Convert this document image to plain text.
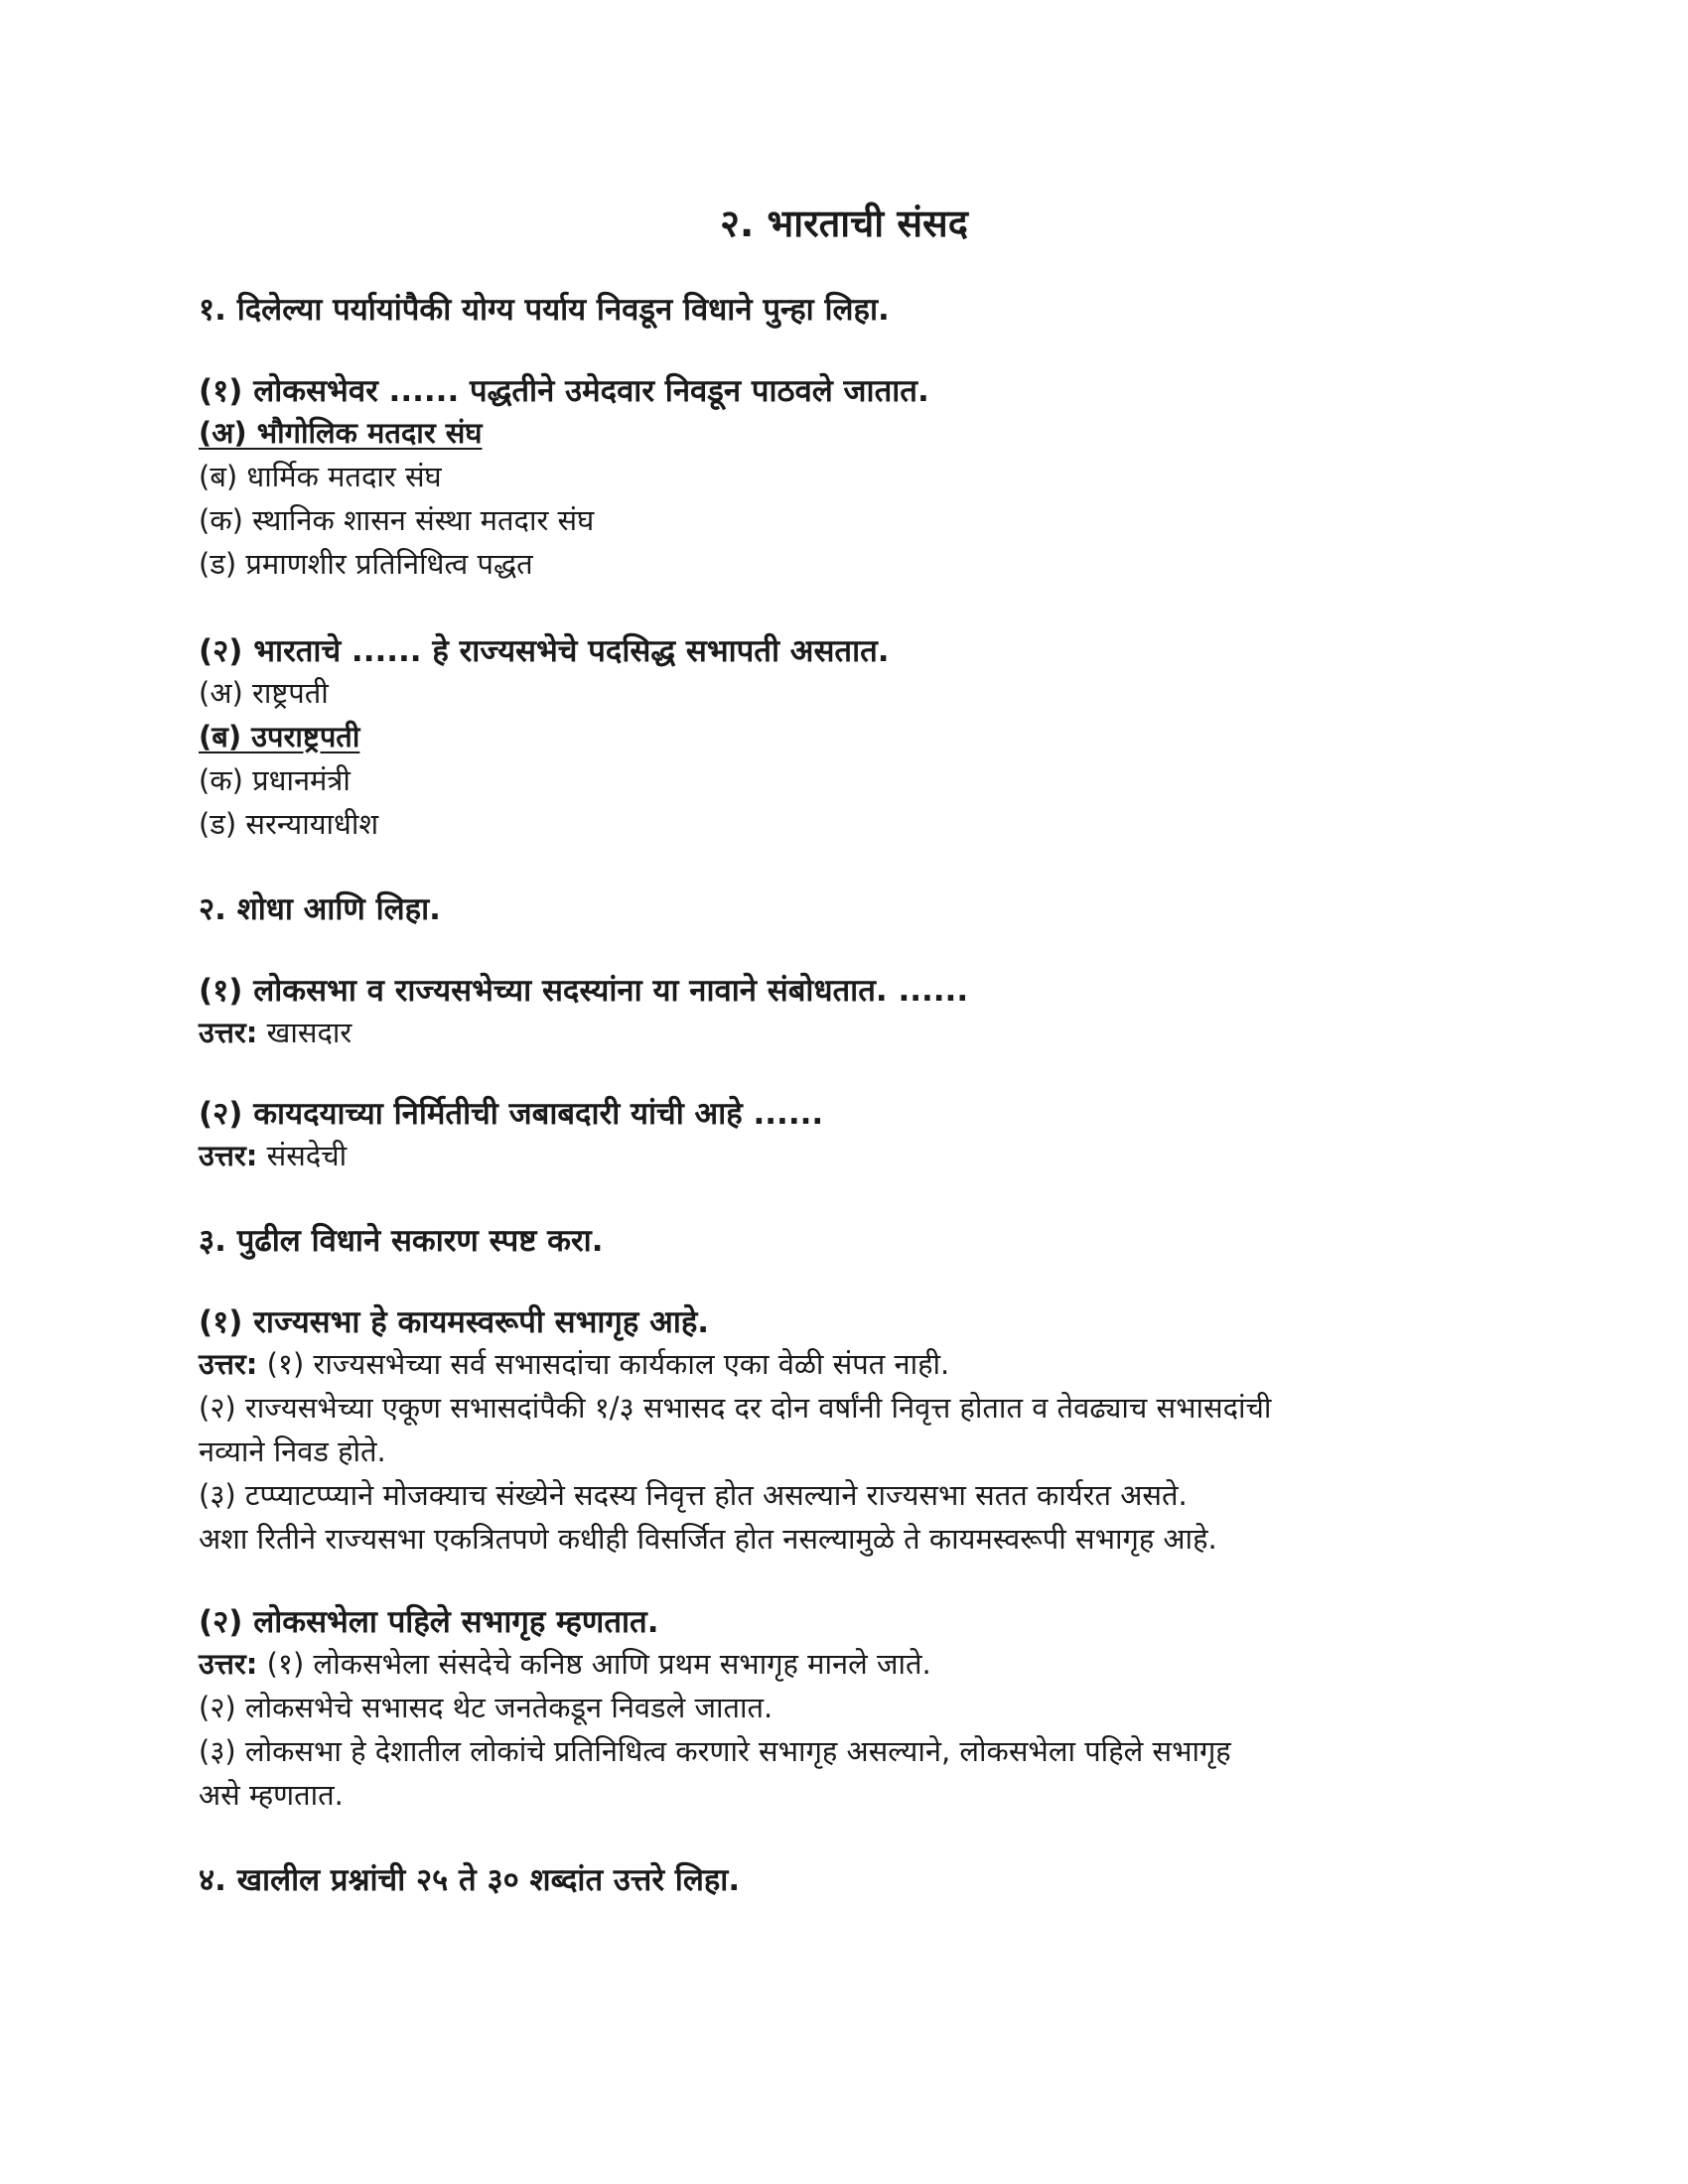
२. भारताची संसद
१. दिलेल्या पर्यायांपैकी योग्य पर्याय निवडून विधाने पुन्हा लिहा.
(१) लोकसभेवर ...... पद्धतीने उमेदवार निवडून पाठवले जातात.
(अ) भौगोलिक मतदार संघ
(ब) धार्मिक मतदार संघ
(क) स्थानिक शासन संस्था मतदार संघ
(ड) प्रमाणशीर प्रतिनिधित्व पद्धत
(२) भारताचे ...... हे राज्यसभेचे पदसिद्ध सभापती असतात.
(अ) राष्ट्रपती
(ब) उपराष्ट्रपती
(क) प्रधानमंत्री
(ड) सरन्यायाधीश
२. शोधा आणि लिहा.
(१) लोकसभा व राज्यसभेच्या सदस्यांना या नावाने संबोधतात. ......
उत्तर: खासदार
(२) कायदयाच्या निर्मितीची जबाबदारी यांची आहे ......
उत्तर: संसदेची
३. पुढील विधाने सकारण स्पष्ट करा.
(१) राज्यसभा हे कायमस्वरूपी सभागृह आहे.
उत्तर: (१) राज्यसभेच्या सर्व सभासदांचा कार्यकाल एका वेळी संपत नाही.
(२) राज्यसभेच्या एकूण सभासदांपैकी १/३ सभासद दर दोन वर्षांनी निवृत्त होतात व तेवढ्याच सभासदांची
नव्याने निवड होते.
(३) टप्प्याटप्प्याने मोजक्याच संख्येने सदस्य निवृत्त होत असल्याने राज्यसभा सतत कार्यरत असते.
अशा रितीने राज्यसभा एकत्रितपणे कधीही विसर्जित होत नसल्यामुळे ते कायमस्वरूपी सभागृह आहे.
(२) लोकसभेला पहिले सभागृह म्हणतात.
उत्तर: (१) लोकसभेला संसदेचे कनिष्ठ आणि प्रथम सभागृह मानले जाते.
(२) लोकसभेचे सभासद थेट जनतेकडून निवडले जातात.
(३) लोकसभा हे देशातील लोकांचे प्रतिनिधित्व करणारे सभागृह असल्याने, लोकसभेला पहिले सभागृह
असे म्हणतात.
४. खालील प्रश्नांची २५ ते ३० शब्दांत उत्तरे लिहा.
